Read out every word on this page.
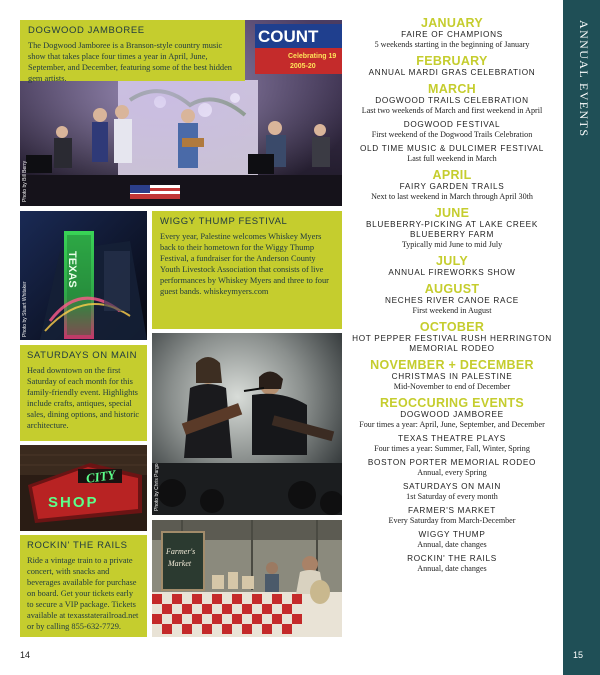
COUNT
Celebrating 19
2005-20
Photo by Bill Berry
TEXAS
Photo by Stuart Whitaker
Photo by Chris Pargo
CITY
SHOP
Farmer's
Market
DOGWOOD JAMBOREE
The Dogwood Jamboree is a Branson-style country music show that takes place four times a year in April, June, September, and December, featuring some of the best hidden gem artists.
WIGGY THUMP FESTIVAL
Every year, Palestine welcomes Whiskey Myers back to their hometown for the Wiggy Thump Festival, a fundraiser for the Anderson County Youth Livestock Association that consists of live performances by Whiskey Myers and three to four guest bands. whiskeymyers.com
SATURDAYS ON MAIN
Head downtown on the first Saturday of each month for this family-friendly event. Highlights include crafts, antiques, special sales, dining options, and historic architecture.
ROCKIN' THE RAILS
Ride a vintage train to a private concert, with snacks and beverages available for purchase on board. Get your tickets early to secure a VIP package. Tickets available at texasstaterailroad.net or by calling 855-632-7729.
14
JANUARY
FAIRE OF CHAMPIONS
5 weekends starting in the beginning of January
FEBRUARY
ANNUAL MARDI GRAS CELEBRATION
MARCH
DOGWOOD TRAILS CELEBRATION
Last two weekends of March and first weekend in April
DOGWOOD FESTIVAL
First weekend of the Dogwood Trails Celebration
OLD TIME MUSIC & DULCIMER FESTIVAL
Last full weekend in March
APRIL
FAIRY GARDEN TRAILS
Next to last weekend in March through April 30th
JUNE
BLUEBERRY-PICKING AT LAKE CREEK BLUEBERRY FARM
Typically mid June to mid July
JULY
ANNUAL FIREWORKS SHOW
AUGUST
NECHES RIVER CANOE RACE
First weekend in August
OCTOBER
HOT PEPPER FESTIVAL RUSH HERRINGTON MEMORIAL RODEO
NOVEMBER + DECEMBER
CHRISTMAS IN PALESTINE
Mid-November to end of December
REOCCURING EVENTS
DOGWOOD JAMBOREE
Four times a year: April, June, September, and December
TEXAS THEATRE PLAYS
Four times a year: Summer, Fall, Winter, Spring
BOSTON PORTER MEMORIAL RODEO
Annual, every Spring
SATURDAYS ON MAIN
1st Saturday of every month
FARMER'S MARKET
Every Saturday from March-December
WIGGY THUMP
Annual, date changes
ROCKIN' THE RAILS
Annual, date changes
ANNUAL EVENTS
15
